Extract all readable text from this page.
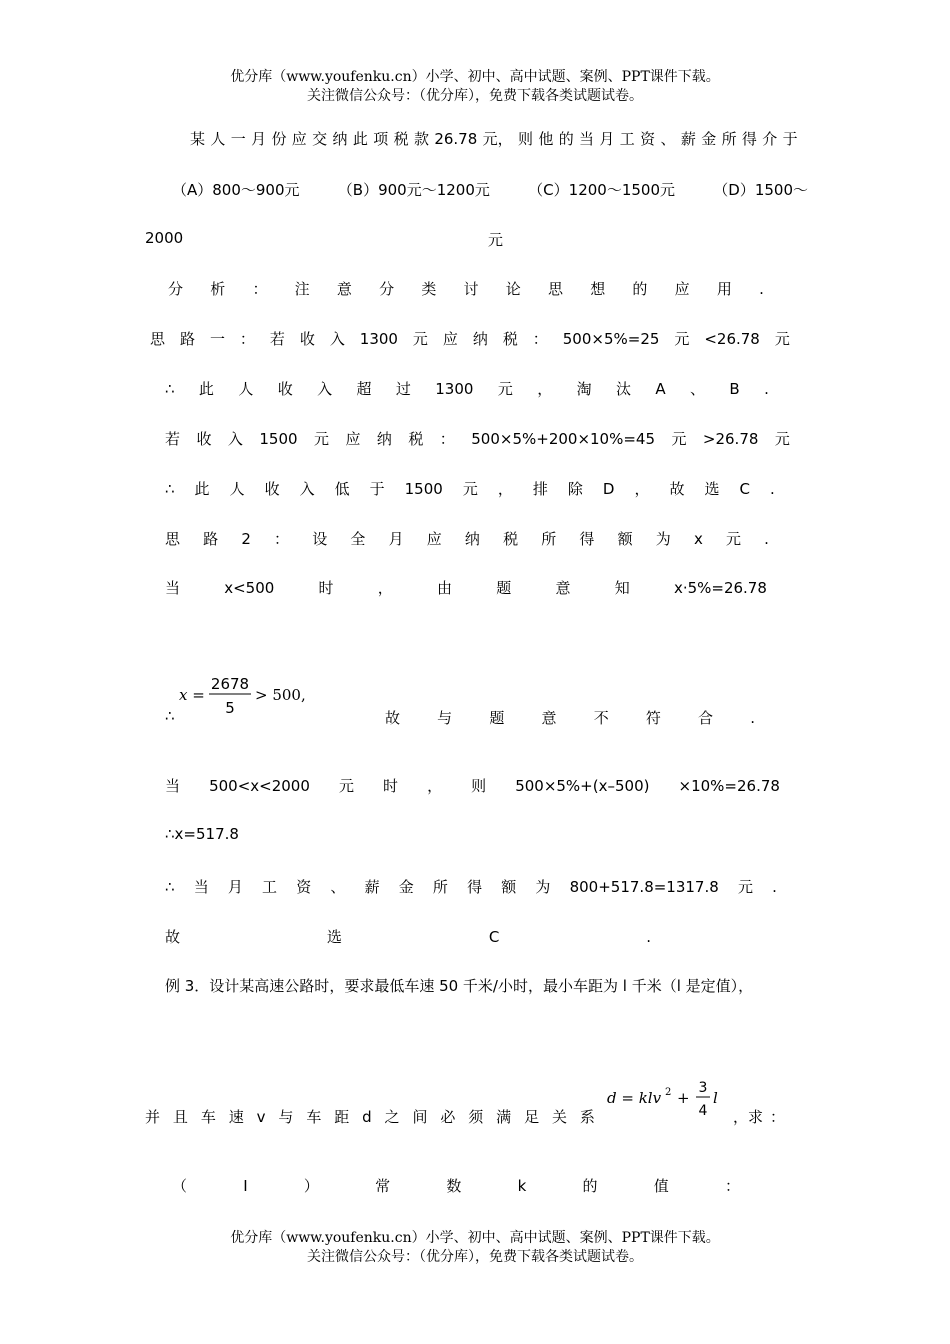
优分库（www.youfenku.cn）小学、初中、高中试题、案例、PPT课件下载。
关注微信公众号：（优分库），免费下载各类试题试卷。
某 人 一 月 份 应 交 纳 此 项 税 款 26.78 元， 则 他 的 当 月 工 资 、 薪 金 所 得 介 于
（A）800～900元	（B）900元～1200元	（C）1200～1500元	（D）1500～
2000	元
分 析 ： 注 意 分 类 讨 论 思 想 的 应 用 .
思 路 一 ： 若 收 入 1300 元 应 纳 税 ： 500×5%=25 元 <26.78 元
∴ 此 人 收 入 超 过 1300 元 ， 淘 汰 A 、 B .
若 收 入 1500 元 应 纳 税 ： 500×5%+200×10%=45 元 >26.78 元
∴ 此 人 收 入 低 于 1500 元 ， 排 除 D ， 故 选 C .
思 路 2 ： 设 全 月 应 纳 税 所 得 额 为 x 元 .
当	x<500	时	，	由	题	意	知	x·5%=26.78
∴
x =
2678
5
> 500,
故 与 题 意 不 符 合 .
当 500<x<2000 元 时 ， 则 500×5%+(x–500) ×10%=26.78
∴x=517.8
∴ 当 月 工 资 、 薪 金 所 得 额 为 800+517.8=1317.8 元 .
故	选	C	.
例 3．设计某高速公路时，要求最低车速 50 千米/小时，最小车距为 l 千米（l 是定值），
并 且 车 速 v 与 车 距 d 之 间 必 须 满 足 关 系
d = klv 2 +
3
4
l
，求 ：
（	Ⅰ	）	常	数	k	的	值	：
优分库（www.youfenku.cn）小学、初中、高中试题、案例、PPT课件下载。
关注微信公众号：（优分库），免费下载各类试题试卷。
